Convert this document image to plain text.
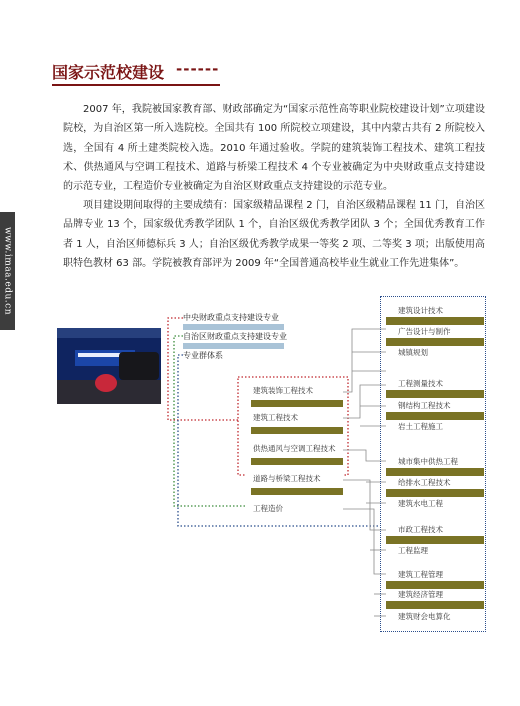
www.imaa.edu.cn
国家示范校建设 ------
2007 年，我院被国家教育部、财政部确定为“国家示范性高等职业院校建设计划”立项建设院校，为自治区第一所入选院校。全国共有 100 所院校立项建设，其中内蒙古共有 2 所院校入选，全国有 4 所土建类院校入选。2010 年通过验收。学院的建筑装饰工程技术、建筑工程技术、供热通风与空调工程技术、道路与桥梁工程技术 4 个专业被确定为中央财政重点支持建设的示范专业，工程造价专业被确定为自治区财政重点支持建设的示范专业。
项目建设期间取得的主要成绩有：国家级精品课程 2 门，自治区级精品课程 11 门，自治区品牌专业 13 个，国家级优秀教学团队 1 个，自治区级优秀教学团队 3 个；全国优秀教育工作者 1 人，自治区师德标兵 3 人；自治区级优秀教学成果一等奖 2 项、二等奖 3 项；出版使用高职特色教材 63 部。学院被教育部评为 2009 年“全国普通高校毕业生就业工作先进集体”。
中央财政重点支持建设专业
自治区财政重点支持建设专业
专业群体系
建筑装饰工程技术
建筑工程技术
供热通风与空调工程技术
道路与桥梁工程技术
工程造价
建筑设计技术
广告设计与制作
城镇规划
工程测量技术
钢结构工程技术
岩土工程施工
城市集中供热工程
给排水工程技术
建筑水电工程
市政工程技术
工程监理
建筑工程管理
建筑经济管理
建筑财会电算化
